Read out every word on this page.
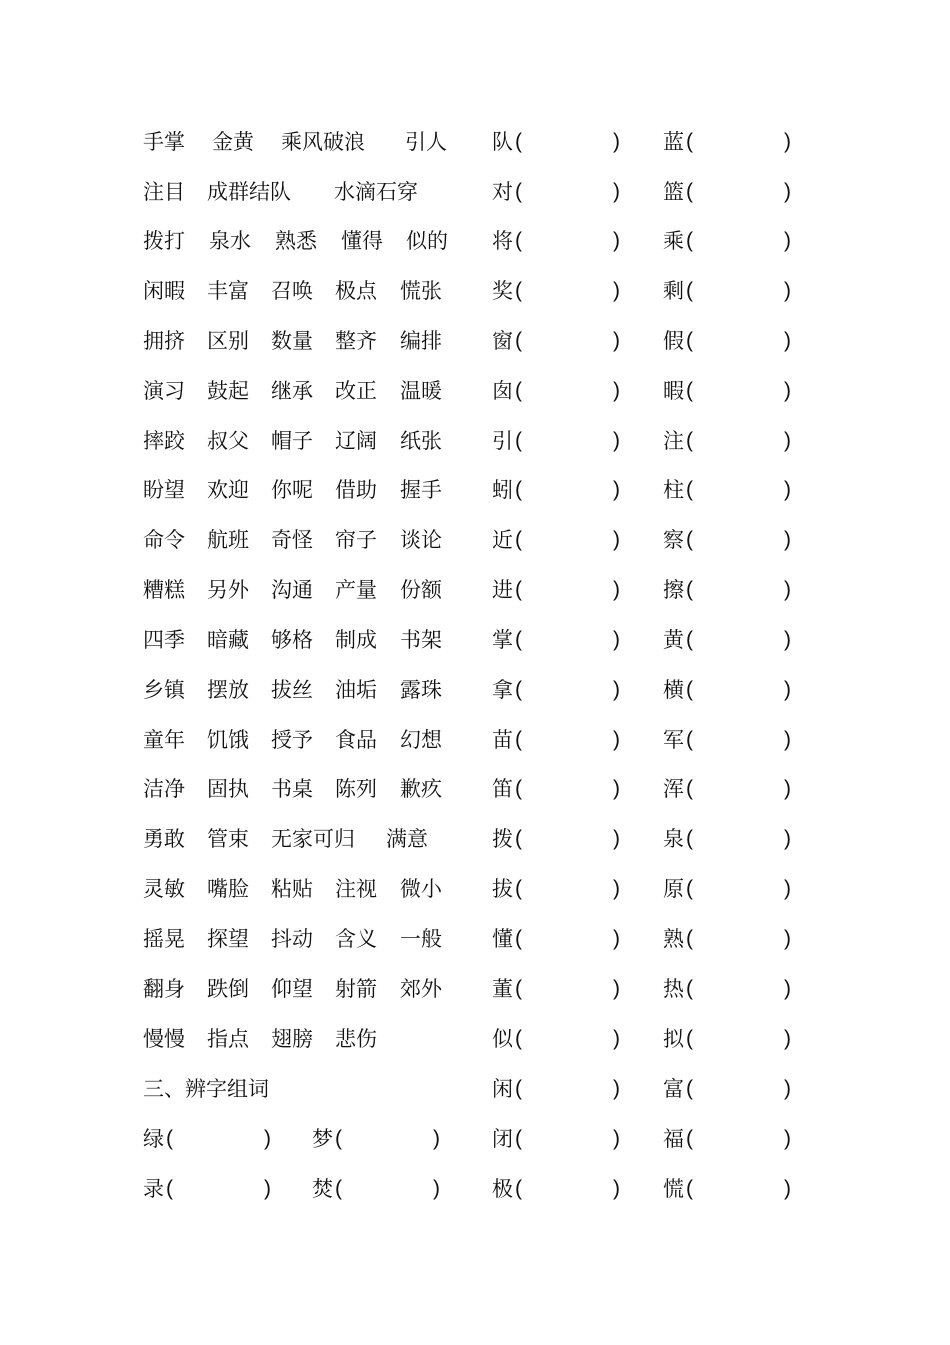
手掌 金黄 乘风破浪 引人 队 (	) 蓝 (	)
注目 成群结队 水滴石穿	对 (	) 篮 (	)
拨打 泉水 熟悉 懂得 似的 将 (	) 乘 (	)
闲暇 丰富 召唤 极点 慌张 奖 (	) 剩 (	)
拥挤 区别 数量 整齐 编排 窗 (	) 假 (	)
演习 鼓起 继承 改正 温暖 囱 (	) 暇 (	)
摔跤 叔父 帽子 辽阔 纸张 引 (	) 注 (	)
盼望 欢迎 你呢 借助 握手 蚓 (	) 柱 (	)
命令 航班 奇怪 帘子 谈论 近 (	) 察 (	)
糟糕 另外 沟通 产量 份额 进 (	) 擦 (	)
四季 暗藏 够格 制成 书架 掌 (	) 黄 (	)
乡镇 摆放 拔丝 油垢 露珠 拿 (	) 横 (	)
童年 饥饿 授予 食品 幻想 苗 (	) 军 (	)
洁净 固执 书桌 陈列 歉疚 笛 (	) 浑 (	)
勇敢 管束 无家可归 满意	拨 (	) 泉 (	)
灵敏 嘴脸 粘贴 注视 微小 拔 (	) 原 (	)
摇晃 探望 抖动 含义 一般 懂 (	) 熟 (	)
翻身 跌倒 仰望 射箭 郊外 董 (	) 热 (	)
慢慢 指点 翅膀 悲伤	似 (	) 拟 (	)
三、辨字组词	闲 (	) 富 (	)
绿 (	) 梦 (	) 闭 (	) 福 (	)
录 (	) 焚 (	) 极 (	) 慌 (	)
